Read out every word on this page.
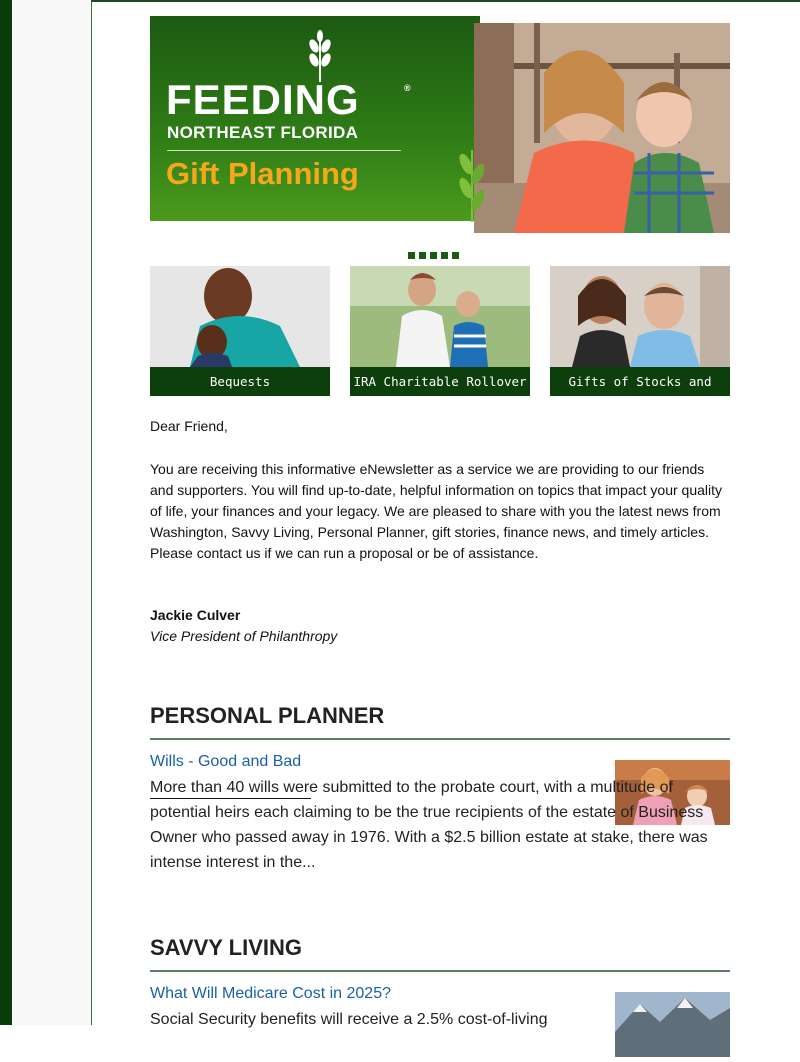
FEEDING	®
NORTHEAST FLORIDA
Gift Planning
Bequests	IRA Charitable Rollover	Gifts of Stocks and Bonds
Dear Friend,
You are receiving this informative eNewsletter as a service we are providing to our friends and supporters. You will find up-to-date, helpful information on topics that impact your quality of life, your finances and your legacy. We are pleased to share with you the latest news from Washington, Savvy Living, Personal Planner, gift stories, finance news, and timely articles. Please contact us if we can run a proposal or be of assistance.
Jackie Culver
Vice President of Philanthropy
PERSONAL PLANNER
Wills - Good and Bad
More than 40 wills were submitted to the probate court, with a multitude of potential heirs each claiming to be the true recipients of the estate of Business Owner who passed away in 1976. With a $2.5 billion estate at stake, there was intense interest in the...
SAVVY LIVING
What Will Medicare Cost in 2025?
Social Security benefits will receive a 2.5% cost-of-living
